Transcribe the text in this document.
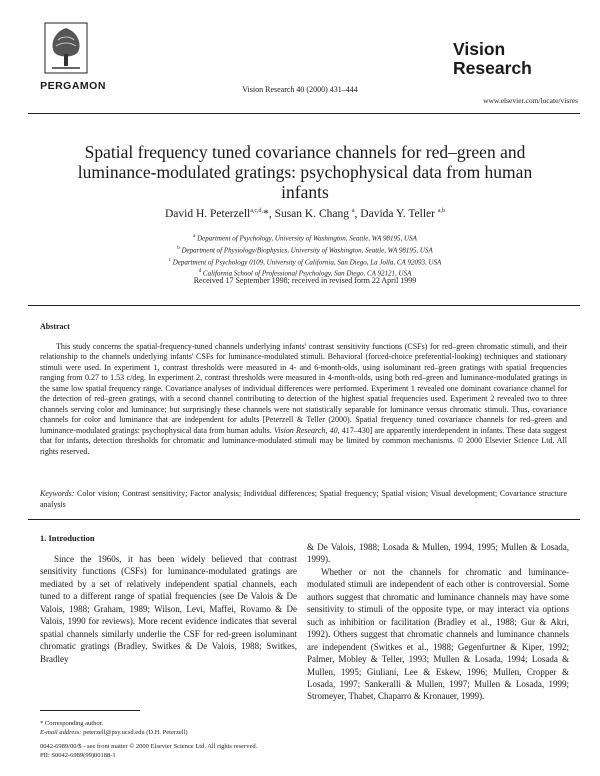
PERGAMON	Vision Research 40 (2000) 431–444
Vision
Research
www.elsevier.com/locate/visres
Spatial frequency tuned covariance channels for red–green and
luminance-modulated gratings: psychophysical data from human
infants
David H. Peterzell$^{a,c,d,}$*, Susan K. Chang $^a$, Davida Y. Teller $^{a,b}$
$^a$ Department of Psychology, University of Washington, Seattle, WA 98195, USA
$^b$ Department of Physiology/Biophysics, University of Washington, Seattle, WA 98195, USA
$^c$ Department of Psychology 0109, University of California, San Diego, La Jolla, CA 92093, USA
$^d$ California School of Professional Psychology, San Diego, CA 92121, USA
Received 17 September 1998; received in revised form 22 April 1999
Abstract
This study concerns the spatial-frequency-tuned channels underlying infants' contrast sensitivity functions (CSFs) for red–green chromatic stimuli, and their relationship to the channels underlying infants' CSFs for luminance-modulated stimuli. Behavioral (forced-choice preferential-looking) techniques and stationary stimuli were used. In experiment 1, contrast thresholds were measured in 4- and 6-month-olds, using isoluminant red–green gratings with spatial frequencies ranging from 0.27 to 1.53 c/deg. In experiment 2, contrast thresholds were measured in 4-month-olds, using both red–green and luminance-modulated gratings in the same low spatial frequency range. Covariance analyses of individual differences were performed. Experiment 1 revealed one dominant covariance channel for the detection of red–green gratings, with a second channel contributing to detection of the highest spatial frequencies used. Experiment 2 revealed two to three channels serving color and luminance; but surprisingly these channels were not statistically separable for luminance versus chromatic stimuli. Thus, covariance channels for color and luminance that are independent for adults [Peterzell & Teller (2000). Spatial frequency tuned covariance channels for red–green and luminance-modulated gratings: psychophysical data from human adults. Vision Research, 40, 417–430] are apparently interdependent in infants. These data suggest that for infants, detection thresholds for chromatic and luminance-modulated stimuli may be limited by common mechanisms. © 2000 Elsevier Science Ltd. All rights reserved.
Keywords: Color vision; Contrast sensitivity; Factor analysis; Individual differences; Spatial frequency; Spatial vision; Visual development; Covariance structure analysis
1. Introduction
Since the 1960s, it has been widely believed that contrast sensitivity functions (CSFs) for luminance-modulated gratings are mediated by a set of relatively independent spatial channels, each tuned to a different range of spatial frequencies (see De Valois & De Valois, 1988; Graham, 1989; Wilson, Levi, Maffei, Rovamo & De Valois, 1990 for reviews). More recent evidence indicates that several spatial channels similarly underlie the CSF for red-green isoluminant chromatic gratings (Bradley, Switkes & De Valois, 1988; Switkes, Bradley

& De Valois, 1988; Losada & Mullen, 1994, 1995; Mullen & Losada, 1999).

Whether or not the channels for chromatic and luminance-modulated stimuli are independent of each other is controversial. Some authors suggest that chromatic and luminance channels may have some sensitivity to stimuli of the opposite type, or may interact via options such as inhibition or facilitation (Bradley et al., 1988; Gur & Akri, 1992). Others suggest that chromatic channels and luminance channels are independent (Switkes et al., 1988; Gegenfurtner & Kiper, 1992; Palmer, Mobley & Teller, 1993; Mullen & Losada, 1994; Losada & Mullen, 1995; Giulianí, Lee & Eskew, 1996; Mullen, Cropper & Losada, 1997; Sankeralli & Mullen, 1997; Mullen & Losada, 1999; Stromeyer, Thabet, Chaparro & Kronauer, 1999).

* Corresponding author.
E-mail address: peterzell@psy.ucsd.edu (D.H. Peterzell)
0042-6989/00/$ - see front matter © 2000 Elsevier Science Ltd. All rights reserved.
PII: S0042-6989(99)00188-1
